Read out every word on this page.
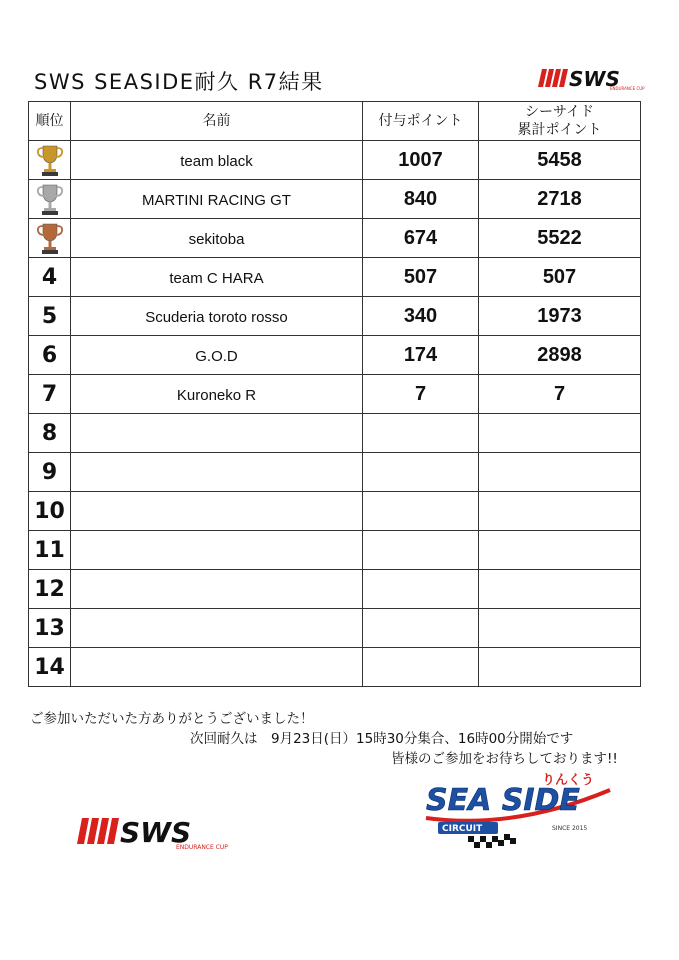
SWS SEASIDE耐久 R7結果	SWS
ENDURANCE CUP
順位	名前	付与ポイント	シーサイド
累計ポイント

	team black	1007	5458

	MARTINI RACING GT	840	2718

	sekitoba	674	5522
4	team C HARA	507	507
5	Scuderia toroto rosso	340	1973
6	G.O.D	174	2898
7	Kuroneko R	7	7
8			
9			
10			
11			
12			
13			
14			
ご参加いただいた方ありがとうございました！
次回耐久は　9月23日(日）15時30分集合、16時00分開始です
皆様のご参加をお待ちしております!!
SWS
ENDURANCE CUP
りんくう
SEA SIDE
CIRCUIT	SINCE 2015
